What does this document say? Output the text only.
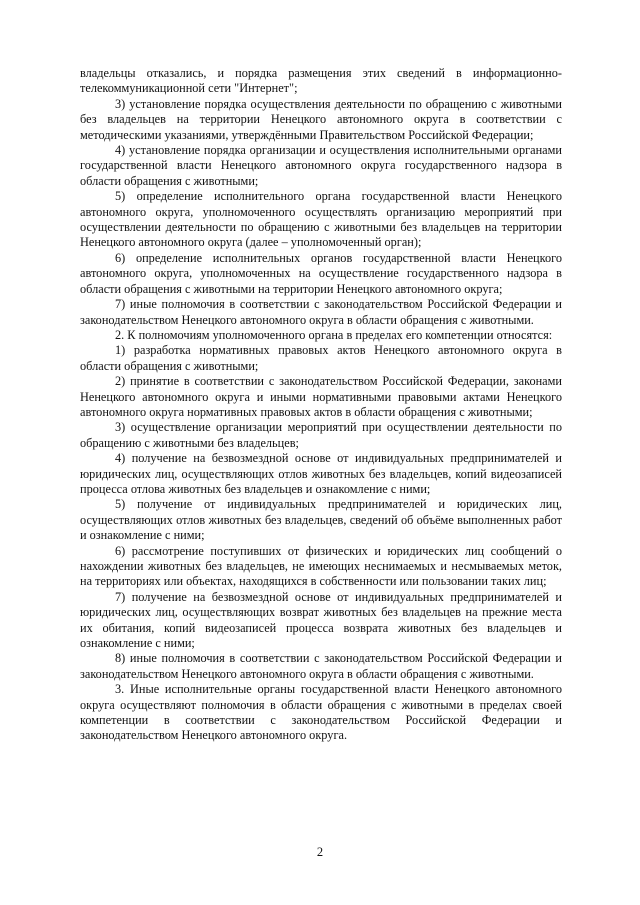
владельцы отказались, и порядка размещения этих сведений в информационно-телекоммуникационной сети "Интернет";

3) установление порядка осуществления деятельности по обращению с животными без владельцев на территории Ненецкого автономного округа в соответствии с методическими указаниями, утверждёнными Правительством Российской Федерации;

4) установление порядка организации и осуществления исполнительными органами государственной власти Ненецкого автономного округа государственного надзора в области обращения с животными;

5) определение исполнительного органа государственной власти Ненецкого автономного округа, уполномоченного осуществлять организацию мероприятий при осуществлении деятельности по обращению с животными без владельцев на территории Ненецкого автономного округа (далее – уполномоченный орган);

6) определение исполнительных органов государственной власти Ненецкого автономного округа, уполномоченных на осуществление государственного надзора в области обращения с животными на территории Ненецкого автономного округа;

7) иные полномочия в соответствии с законодательством Российской Федерации и законодательством Ненецкого автономного округа в области обращения с животными.

2. К полномочиям уполномоченного органа в пределах его компетенции относятся:

1) разработка нормативных правовых актов Ненецкого автономного округа в области обращения с животными;

2) принятие в соответствии с законодательством Российской Федерации, законами Ненецкого автономного округа и иными нормативными правовыми актами Ненецкого автономного округа нормативных правовых актов в области обращения с животными;

3) осуществление организации мероприятий при осуществлении деятельности по обращению с животными без владельцев;

4) получение на безвозмездной основе от индивидуальных предпринимателей и юридических лиц, осуществляющих отлов животных без владельцев, копий видеозаписей процесса отлова животных без владельцев и ознакомление с ними;

5) получение от индивидуальных предпринимателей и юридических лиц, осуществляющих отлов животных без владельцев, сведений об объёме выполненных работ и ознакомление с ними;

6) рассмотрение поступивших от физических и юридических лиц сообщений о нахождении животных без владельцев, не имеющих неснимаемых и несмываемых меток, на территориях или объектах, находящихся в собственности или пользовании таких лиц;

7) получение на безвозмездной основе от индивидуальных предпринимателей и юридических лиц, осуществляющих возврат животных без владельцев на прежние места их обитания, копий видеозаписей процесса возврата животных без владельцев и ознакомление с ними;

8) иные полномочия в соответствии с законодательством Российской Федерации и законодательством Ненецкого автономного округа в области обращения с животными.

3. Иные исполнительные органы государственной власти Ненецкого автономного округа осуществляют полномочия в области обращения с животными в пределах своей компетенции в соответствии с законодательством Российской Федерации и законодательством Ненецкого автономного округа.

2
